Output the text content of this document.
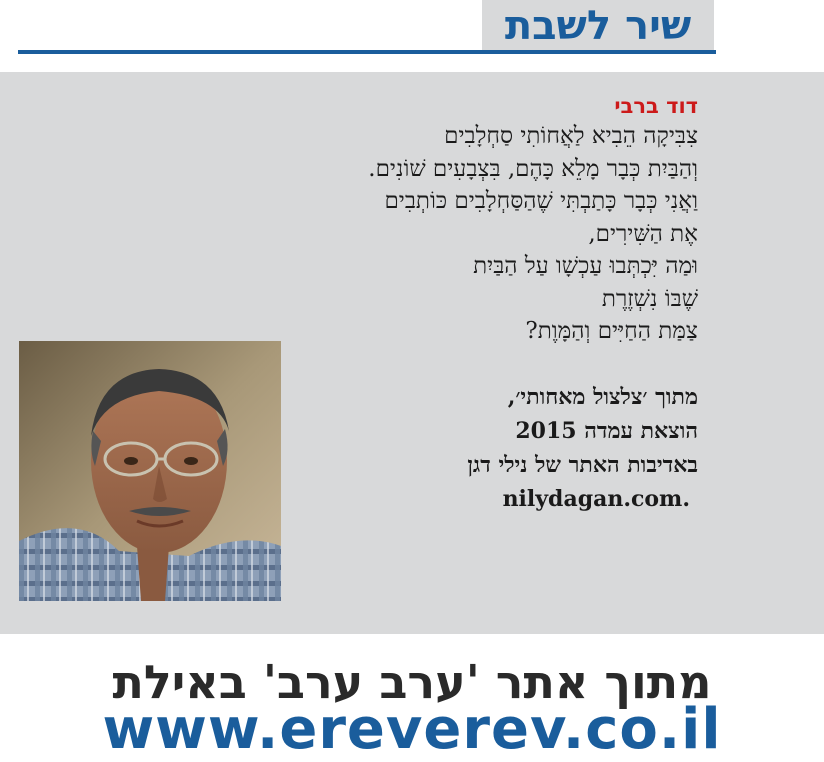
שיר לשבת
דוד ברבי
צִבִּיקָה הֵבִיא לַאֲחוֹתִי סַחְלָבִים
וְהַבַּיִת כְּבָר מָלֵא כָּהֶם, בִּצְבָעִים שׁוֹנִים.
וַאֲנִי כְּבָר כָּתַבְתִּי שֶׁהַסַּחְלָבִים כּוֹתְבִים
אֶת הַשִּׁירִים,
וּמַה יִּכְתְּבוּ עַכְשָׁו עַל הַבַּיִת
שֶׁבּוֹ נִשְׁזֶרֶת
צַמַּת הַחַיִּים וְהַמָּוֶת?
מתוך ׳צלצול מאחותי׳,
הוצאת עמדה 2015
באדיבות האתר של נילי דגן
nilydagan.com.
מתוך אתר 'ערב ערב' באילת
www.ereverev.co.il
